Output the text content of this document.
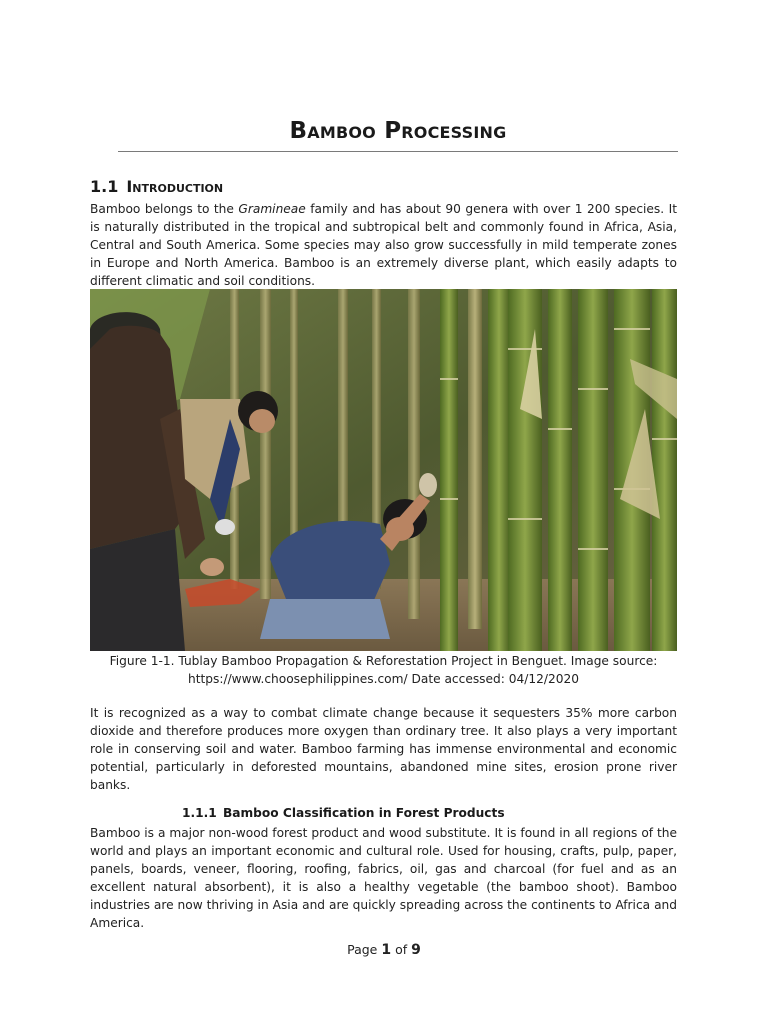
Bamboo Processing
1.1 Introduction

Bamboo belongs to the Gramineae family and has about 90 genera with over 1 200 species. It is naturally distributed in the tropical and subtropical belt and commonly found in Africa, Asia, Central and South America. Some species may also grow successfully in mild temperate zones in Europe and North America. Bamboo is an extremely diverse plant, which easily adapts to different climatic and soil conditions.

Figure 1-1. Tublay Bamboo Propagation & Reforestation Project in Benguet. Image source:
https://www.choosephilippines.com/ Date accessed: 04/12/2020

It is recognized as a way to combat climate change because it sequesters 35% more carbon dioxide and therefore produces more oxygen than ordinary tree. It also plays a very important role in conserving soil and water. Bamboo farming has immense environmental and economic potential, particularly in deforested mountains, abandoned mine sites, erosion prone river banks.

1.1.1 Bamboo Classification in Forest Products

Bamboo is a major non-wood forest product and wood substitute. It is found in all regions of the world and plays an important economic and cultural role. Used for housing, crafts, pulp, paper, panels, boards, veneer, flooring, roofing, fabrics, oil, gas and charcoal (for fuel and as an excellent natural absorbent), it is also a healthy vegetable (the bamboo shoot). Bamboo industries are now thriving in Asia and are quickly spreading across the continents to Africa and America.

Page 1 of 9
